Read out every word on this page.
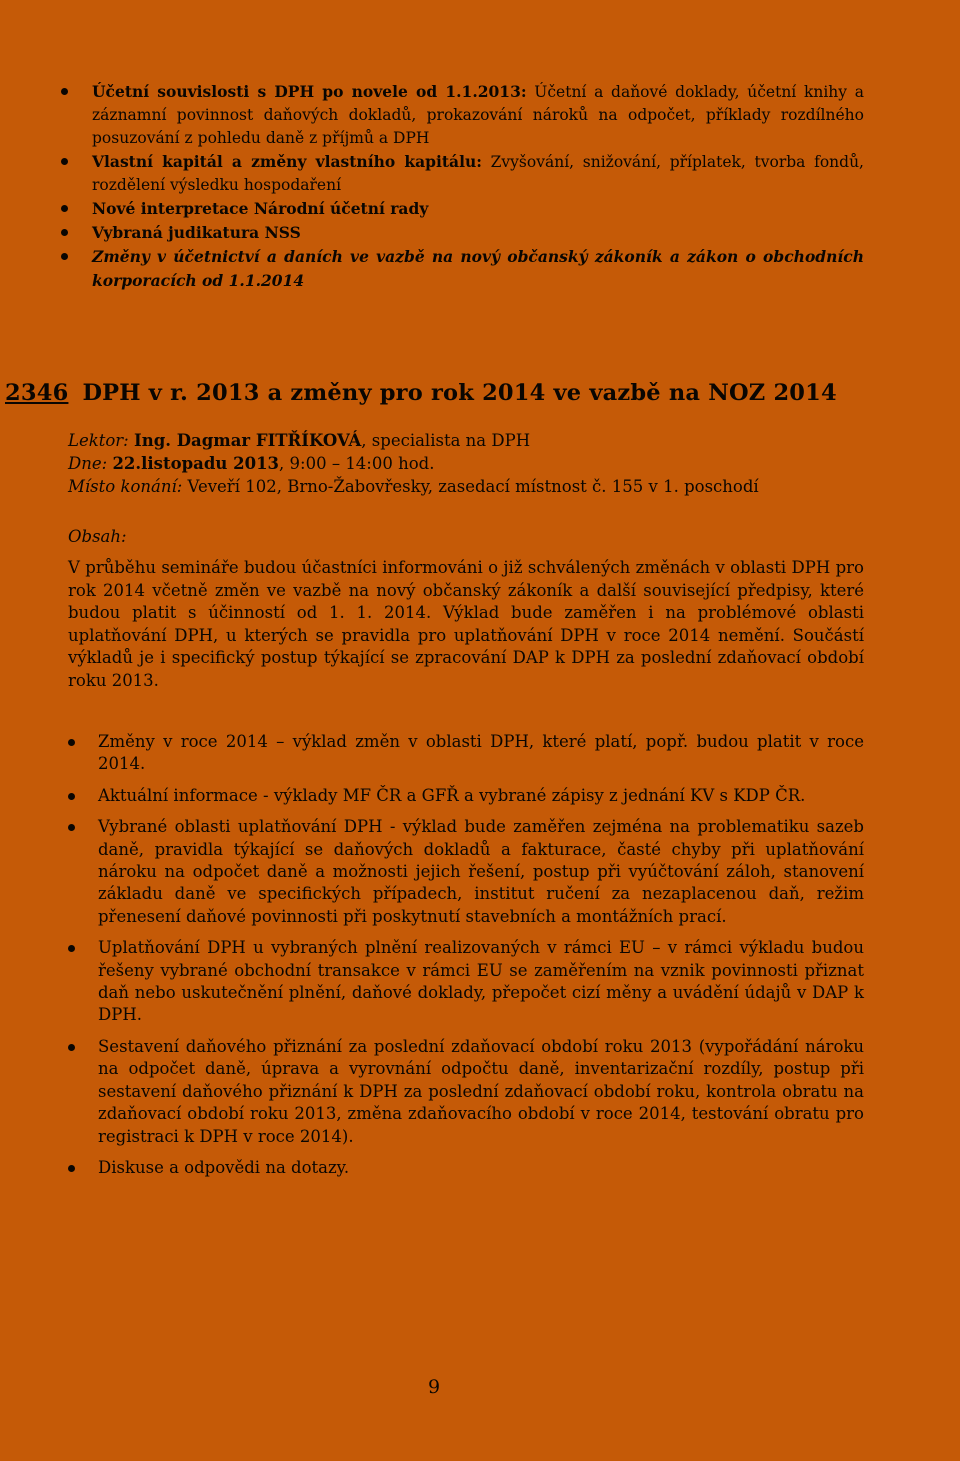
Účetní souvislosti s DPH po novele od 1.1.2013: Účetní a daňové doklady, účetní knihy a záznamní povinnost daňových dokladů, prokazování nároků na odpočet, příklady rozdílného posuzování z pohledu daně z příjmů a DPH
Vlastní kapitál a změny vlastního kapitálu: Zvyšování, snižování, příplatek, tvorba fondů, rozdělení výsledku hospodaření
Nové interpretace Národní účetní rady
Vybraná judikatura NSS
Změny v účetnictví a daních ve vazbě na nový občanský zákoník a zákon o obchodních korporacích od 1.1.2014
2346 DPH v r. 2013 a změny pro rok 2014 ve vazbě na NOZ 2014
Lektor: Ing. Dagmar FITŘÍKOVÁ, specialista na DPH
Dne: 22.listopadu 2013, 9:00 – 14:00 hod.
Místo konání: Veveří 102, Brno-Žabovřesky, zasedací místnost č. 155 v 1. poschodí
Obsah:

V průběhu semináře budou účastníci informováni o již schválených změnách v oblasti DPH pro rok 2014 včetně změn ve vazbě na nový občanský zákoník a další související předpisy, které budou platit s účinností od 1. 1. 2014. Výklad bude zaměřen i na problémové oblasti uplatňování DPH, u kterých se pravidla pro uplatňování DPH v roce 2014 nemění. Součástí výkladů je i specifický postup týkající se zpracování DAP k DPH za poslední zdaňovací období roku 2013.

Změny v roce 2014 – výklad změn v oblasti DPH, které platí, popř. budou platit v roce 2014.
Aktuální informace - výklady MF ČR a GFŘ a vybrané zápisy z jednání KV s KDP ČR.
Vybrané oblasti uplatňování DPH - výklad bude zaměřen zejména na problematiku sazeb daně, pravidla týkající se daňových dokladů a fakturace, časté chyby při uplatňování nároku na odpočet daně a možnosti jejich řešení, postup při vyúčtování záloh, stanovení základu daně ve specifických případech, institut ručení za nezaplacenou daň, režim přenesení daňové povinnosti při poskytnutí stavebních a montážních prací.
Uplatňování DPH u vybraných plnění realizovaných v rámci EU – v rámci výkladu budou řešeny vybrané obchodní transakce v rámci EU se zaměřením na vznik povinnosti přiznat daň nebo uskutečnění plnění, daňové doklady, přepočet cizí měny a uvádění údajů v DAP k DPH.
Sestavení daňového přiznání za poslední zdaňovací období roku 2013 (vypořádání nároku na odpočet daně, úprava a vyrovnání odpočtu daně, inventarizační rozdíly, postup při sestavení daňového přiznání k DPH za poslední zdaňovací období roku, kontrola obratu na zdaňovací období roku 2013, změna zdaňovacího období v roce 2014, testování obratu pro registraci k DPH v roce 2014).
Diskuse a odpovědi na dotazy.
9
